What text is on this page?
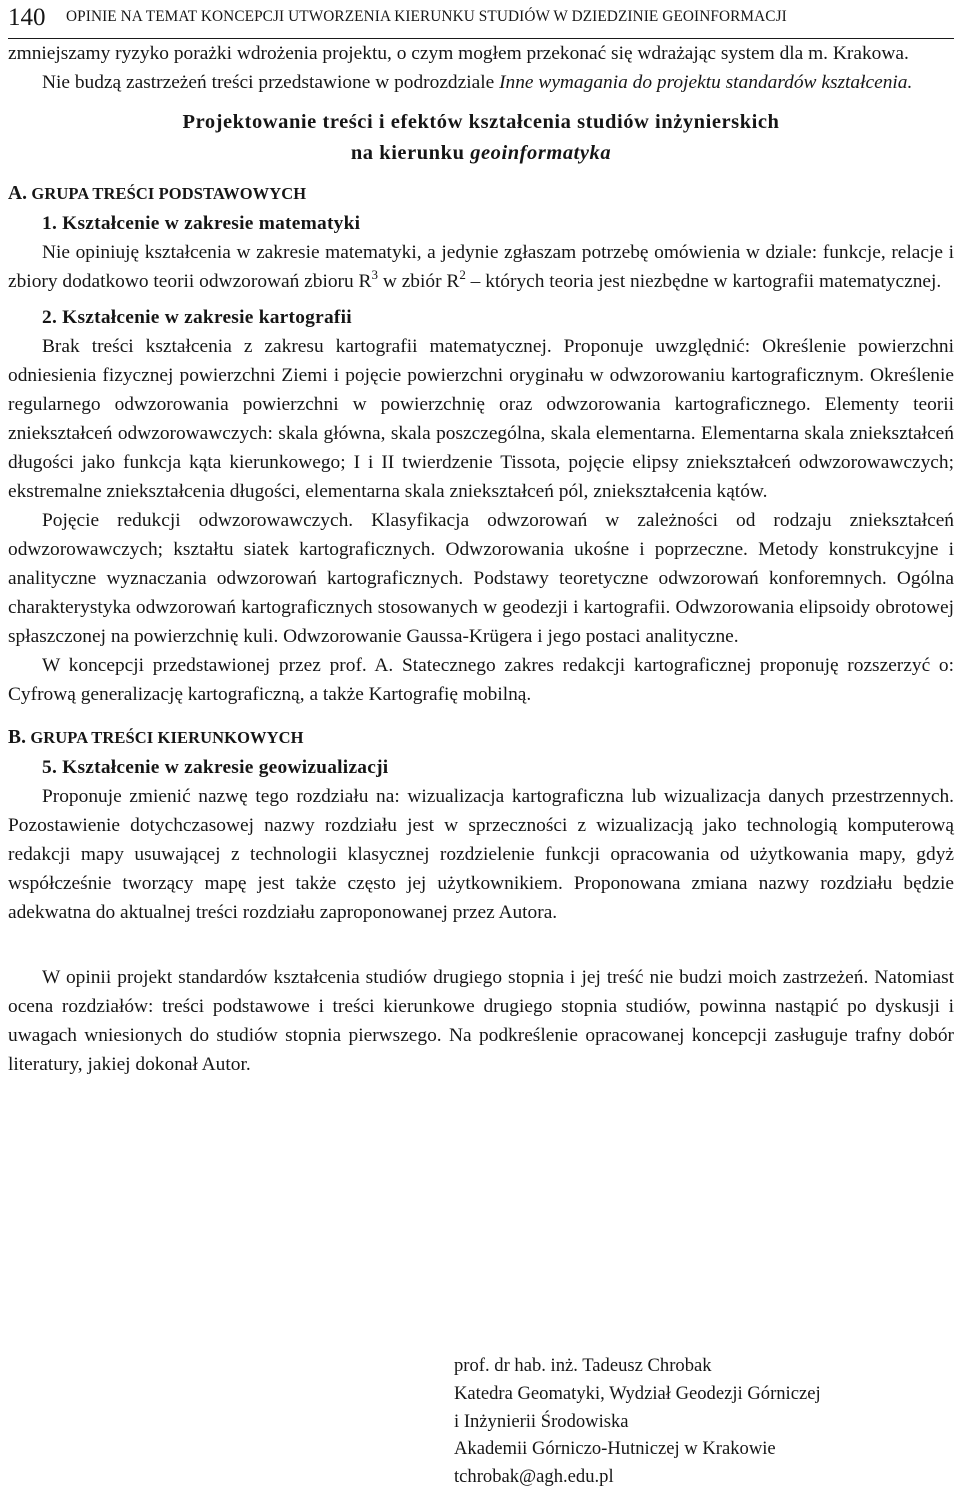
140 OPINIE NA TEMAT KONCEPCJI UTWORZENIA KIERUNKU STUDIÓW W DZIEDZINIE GEOINFORMACJI

zmniejszamy ryzyko porażki wdrożenia projektu, o czym mogłem przekonać się wdrażając system dla m. Krakowa.

Nie budzą zastrzeżeń treści przedstawione w podrozdziale Inne wymagania do projektu standardów kształcenia.

Projektowanie treści i efektów kształcenia studiów inżynierskich
na kierunku geoinformatyka
A. GRUPA TREŚCI PODSTAWOWYCH
1. Kształcenie w zakresie matematyki

Nie opiniuję kształcenia w zakresie matematyki, a jedynie zgłaszam potrzebę omówienia w dziale: funkcje, relacje i zbiory dodatkowo teorii odwzorowań zbioru $R^3$ w zbiór $R^2$ – których teoria jest niezbędne w kartografii matematycznej.

2. Kształcenie w zakresie kartografii

Brak treści kształcenia z zakresu kartografii matematycznej. Proponuje uwzględnić: Określenie powierzchni odniesienia fizycznej powierzchni Ziemi i pojęcie powierzchni oryginału w odwzorowaniu kartograficznym. Określenie regularnego odwzorowania powierzchni w powierzchnię oraz odwzorowania kartograficznego. Elementy teorii zniekształceń odwzorowawczych: skala główna, skala poszczególna, skala elementarna. Elementarna skala zniekształceń długości jako funkcja kąta kierunkowego; I i II twierdzenie Tissota, pojęcie elipsy zniekształceń odwzorowawczych; ekstremalne zniekształcenia długości, elementarna skala zniekształceń pól, zniekształcenia kątów.

Pojęcie redukcji odwzorowawczych. Klasyfikacja odwzorowań w zależności od rodzaju zniekształceń odwzorowawczych; kształtu siatek kartograficznych. Odwzorowania ukośne i poprzeczne. Metody konstrukcyjne i analityczne wyznaczania odwzorowań kartograficznych. Podstawy teoretyczne odwzorowań konforemnych. Ogólna charakterystyka odwzorowań kartograficznych stosowanych w geodezji i kartografii. Odwzorowania elipsoidy obrotowej spłaszczonej na powierzchnię kuli. Odwzorowanie Gaussa-Krügera i jego postaci analityczne.

W koncepcji przedstawionej przez prof. A. Statecznego zakres redakcji kartograficznej proponuję rozszerzyć o: Cyfrową generalizację kartograficzną, a także Kartografię mobilną.

B. GRUPA TREŚCI KIERUNKOWYCH
5. Kształcenie w zakresie geowizualizacji

Proponuje zmienić nazwę tego rozdziału na: wizualizacja kartograficzna lub wizualizacja danych przestrzennych. Pozostawienie dotychczasowej nazwy rozdziału jest w sprzeczności z wizualizacją jako technologią komputerową redakcji mapy usuwającej z technologii klasycznej rozdzielenie funkcji opracowania od użytkowania mapy, gdyż współcześnie tworzący mapę jest także często jej użytkownikiem. Proponowana zmiana nazwy rozdziału będzie adekwatna do aktualnej treści rozdziału zaproponowanej przez Autora.

W opinii projekt standardów kształcenia studiów drugiego stopnia i jej treść nie budzi moich zastrzeżeń. Natomiast ocena rozdziałów: treści podstawowe i treści kierunkowe drugiego stopnia studiów, powinna nastąpić po dyskusji i uwagach wniesionych do studiów stopnia pierwszego. Na podkreślenie opracowanej koncepcji zasługuje trafny dobór literatury, jakiej dokonał Autor.

prof. dr hab. inż. Tadeusz Chrobak
Katedra Geomatyki, Wydział Geodezji Górniczej
i Inżynierii Środowiska
Akademii Górniczo-Hutniczej w Krakowie
tchrobak@agh.edu.pl
